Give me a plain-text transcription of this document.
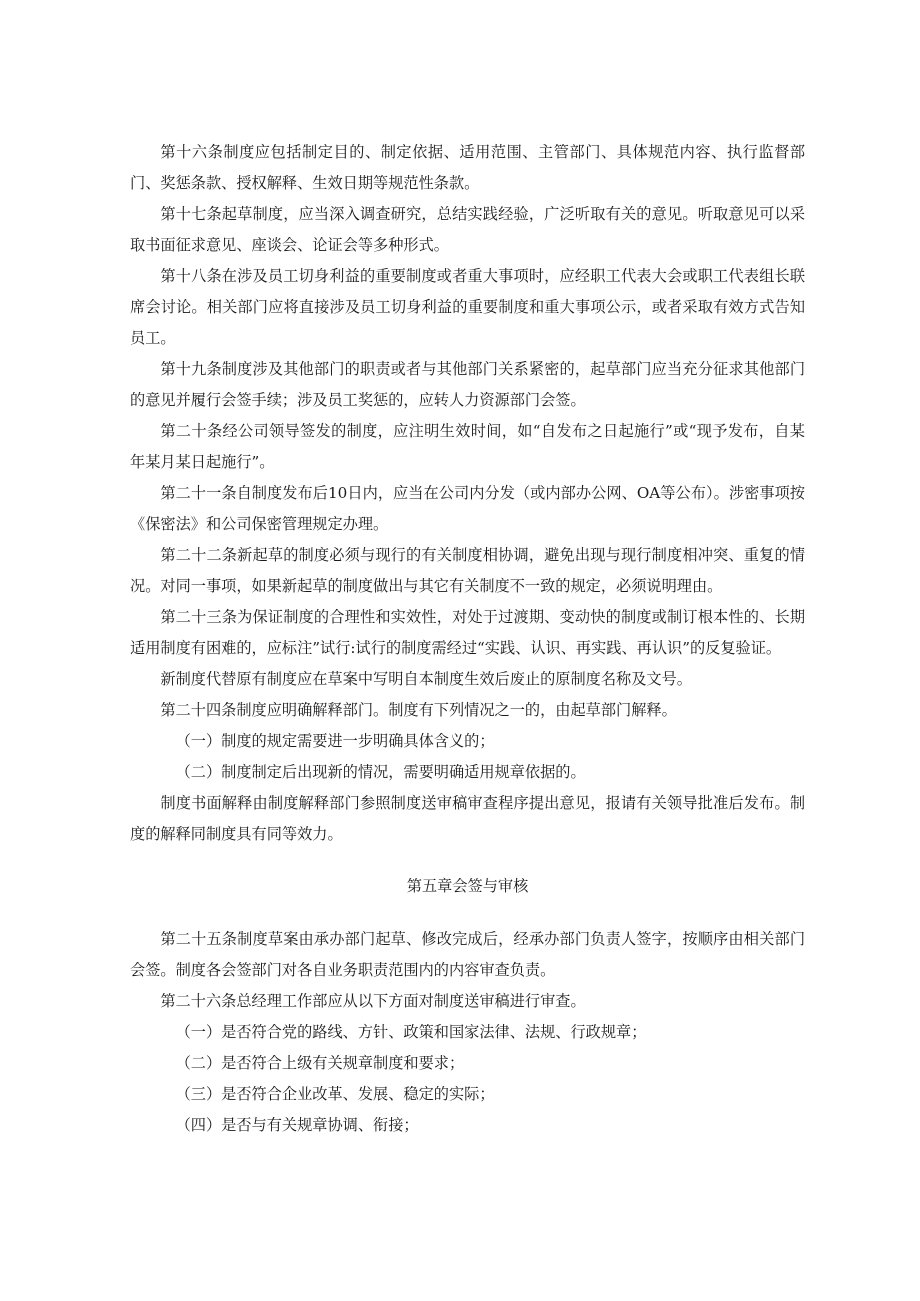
第十六条制度应包括制定目的、制定依据、适用范围、主管部门、具体规范内容、执行监督部门、奖惩条款、授权解释、生效日期等规范性条款。

第十七条起草制度，应当深入调查研究，总结实践经验，广泛听取有关的意见。听取意见可以采取书面征求意见、座谈会、论证会等多种形式。

第十八条在涉及员工切身利益的重要制度或者重大事项时，应经职工代表大会或职工代表组长联席会讨论。相关部门应将直接涉及员工切身利益的重要制度和重大事项公示，或者采取有效方式告知员工。

第十九条制度涉及其他部门的职责或者与其他部门关系紧密的，起草部门应当充分征求其他部门的意见并履行会签手续；涉及员工奖惩的，应转人力资源部门会签。

第二十条经公司领导签发的制度，应注明生效时间，如“自发布之日起施行”或“现予发布，自某年某月某日起施行”。

第二十一条自制度发布后10日内，应当在公司内分发（或内部办公网、OA等公布）。涉密事项按《保密法》和公司保密管理规定办理。

第二十二条新起草的制度必须与现行的有关制度相协调，避免出现与现行制度相冲突、重复的情况。对同一事项，如果新起草的制度做出与其它有关制度不一致的规定，必须说明理由。

第二十三条为保证制度的合理性和实效性，对处于过渡期、变动快的制度或制订根本性的、长期适用制度有困难的，应标注”试行:试行的制度需经过“实践、认识、再实践、再认识”的反复验证。

新制度代替原有制度应在草案中写明自本制度生效后废止的原制度名称及文号。

第二十四条制度应明确解释部门。制度有下列情况之一的，由起草部门解释。

（一）制度的规定需要进一步明确具体含义的；

（二）制度制定后出现新的情况，需要明确适用规章依据的。

制度书面解释由制度解释部门参照制度送审稿审查程序提出意见，报请有关领导批准后发布。制度的解释同制度具有同等效力。

第五章会签与审核

第二十五条制度草案由承办部门起草、修改完成后，经承办部门负责人签字，按顺序由相关部门会签。制度各会签部门对各自业务职责范围内的内容审查负责。

第二十六条总经理工作部应从以下方面对制度送审稿进行审查。

（一）是否符合党的路线、方针、政策和国家法律、法规、行政规章；

（二）是否符合上级有关规章制度和要求；

（三）是否符合企业改革、发展、稳定的实际；

（四）是否与有关规章协调、衔接；
